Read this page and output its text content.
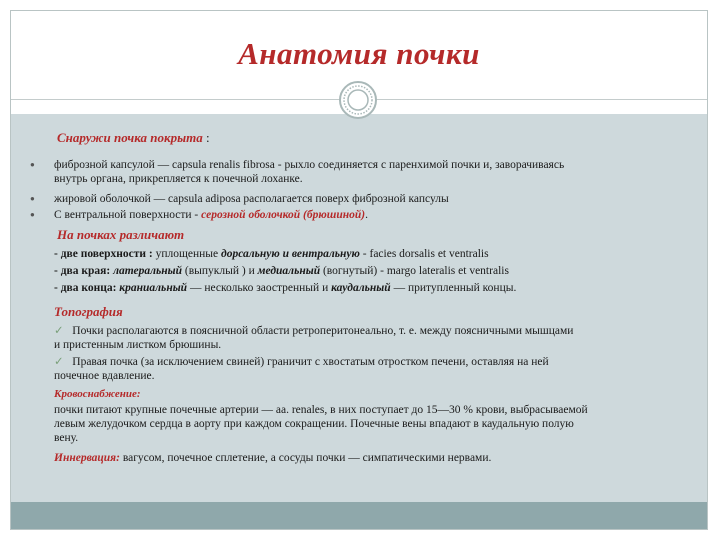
Анатомия почки
Снаружи почка покрыта :
● фиброзной капсулой — capsula renalis fibrosa - рыхло соединяется с паренхимой почки и, заворачиваясь
внутрь органа, прикрепляется к почечной лоханке.
● жировой оболочкой — capsula adiposa располагается поверх фиброзной капсулы
● С вентральной поверхности - серозной оболочкой (брюшиной).
На почках различают
- две поверхности : уплощенные дорсальную и вентральную - facies dorsalis et ventralis
- два края: латеральный (выпуклый ) и медиальный (вогнутый) - margo lateralis et ventralis
- два конца: краниальный — несколько заостренный и каудальный — притупленный концы.
Топография
✓   Почки располагаются в поясничной области ретроперитонеально, т. е. между поясничными мышцами
и пристенным листком брюшины.
✓   Правая почка (за исключением свиней) граничит с хвостатым отростком печени, оставляя на ней
почечное вдавление.
Кровоснабжение:
почки питают крупные почечные артерии — aa. renales, в них поступает до 15—30 % крови, выбрасываемой
левым желудочком сердца в аорту при каждом сокращении. Почечные вены впадают в каудальную полую
вену.
Иннервация: вагусом, почечное сплетение, а сосуды почки — симпатическими нервами.
